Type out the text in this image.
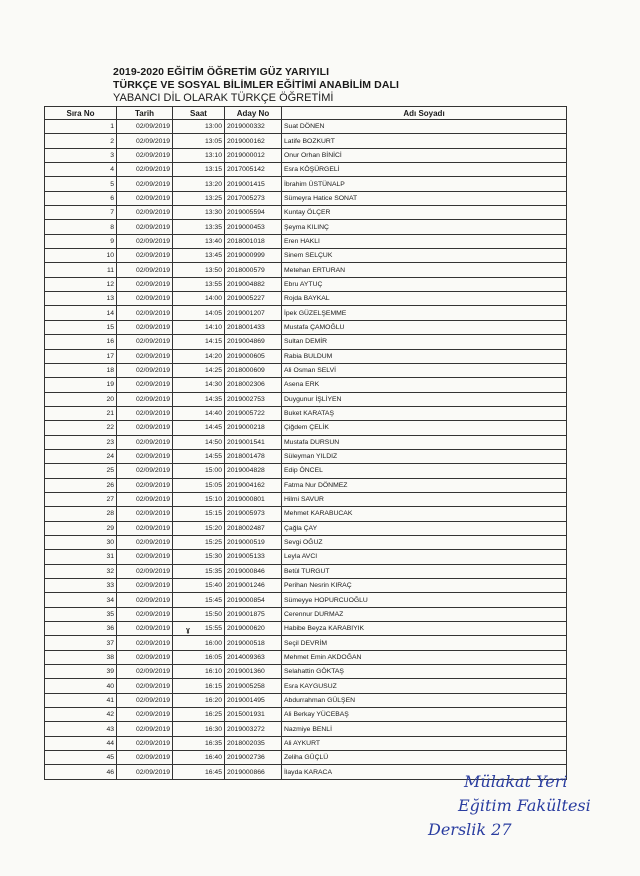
2019-2020 EĞİTİM ÖĞRETİM GÜZ YARIYILI
TÜRKÇE VE SOSYAL BİLİMLER EĞİTİMİ ANABİLİM DALI
YABANCI DİL OLARAK TÜRKÇE ÖĞRETİMİ
Sıra No	Tarih	Saat	Aday No	Adı Soyadı
1	02/09/2019	13:00	2019000332	Suat DÖNEN
2	02/09/2019	13:05	2019000162	Latife BOZKURT
3	02/09/2019	13:10	2019000012	Onur Orhan BİNİCİ
4	02/09/2019	13:15	2017005142	Esra KÖŞÜRGELİ
5	02/09/2019	13:20	2019001415	İbrahim ÜSTÜNALP
6	02/09/2019	13:25	2017005273	Sümeyra Hatice SONAT
7	02/09/2019	13:30	2019005594	Kuntay ÖLÇER
8	02/09/2019	13:35	2019000453	Şeyma KILINÇ
9	02/09/2019	13:40	2018001018	Eren HAKLI
10	02/09/2019	13:45	2019000999	Sinem SELÇUK
11	02/09/2019	13:50	2018000579	Metehan ERTURAN
12	02/09/2019	13:55	2019004882	Ebru AYTUÇ
13	02/09/2019	14:00	2019005227	Rojda BAYKAL
14	02/09/2019	14:05	2019001207	İpek GÜZELŞEMME
15	02/09/2019	14:10	2018001433	Mustafa ÇAMOĞLU
16	02/09/2019	14:15	2019004869	Sultan DEMİR
17	02/09/2019	14:20	2019000605	Rabia BULDUM
18	02/09/2019	14:25	2018000609	Ali Osman SELVİ
19	02/09/2019	14:30	2018002306	Asena ERK
20	02/09/2019	14:35	2019002753	Duygunur İŞLİYEN
21	02/09/2019	14:40	2019005722	Buket KARATAŞ
22	02/09/2019	14:45	2019000218	Çiğdem ÇELİK
23	02/09/2019	14:50	2019001541	Mustafa DURSUN
24	02/09/2019	14:55	2018001478	Süleyman YILDIZ
25	02/09/2019	15:00	2019004828	Edip ÖNCEL
26	02/09/2019	15:05	2019004162	Fatma Nur DÖNMEZ
27	02/09/2019	15:10	2019000801	Hilmi SAVUR
28	02/09/2019	15:15	2019005973	Mehmet KARABUCAK
29	02/09/2019	15:20	2018002487	Çağla ÇAY
30	02/09/2019	15:25	2019000519	Sevgi OĞUZ
31	02/09/2019	15:30	2019005133	Leyla AVCI
32	02/09/2019	15:35	2019000846	Betül TURGUT
33	02/09/2019	15:40	2019001246	Perihan Nesrin KIRAÇ
34	02/09/2019	15:45	2019000854	Sümeyye HOPURCUOĞLU
35	02/09/2019	15:50	2019001875	Cerennur DURMAZ
36	02/09/2019	15:55	2019000620	Habibe Beyza KARABIYIK
37	02/09/2019	16:00	2019000518	Seçil DEVRİM
38	02/09/2019	16:05	2014009363	Mehmet Emin AKDOĞAN
39	02/09/2019	16:10	2019001360	Selahattin GÖKTAŞ
40	02/09/2019	16:15	2019005258	Esra KAYGUSUZ
41	02/09/2019	16:20	2019001495	Abdurrahman GÜLŞEN
42	02/09/2019	16:25	2015001931	Ali Berkay YÜCEBAŞ
43	02/09/2019	16:30	2019003272	Nazmiye BENLİ
44	02/09/2019	16:35	2018002035	Ali AYKURT
45	02/09/2019	16:40	2019002736	Zeliha GÜÇLÜ
46	02/09/2019	16:45	2019000866	İlayda KARACA
ɣ
Mülakat Yeri
Eğitim Fakültesi
Derslik 27
